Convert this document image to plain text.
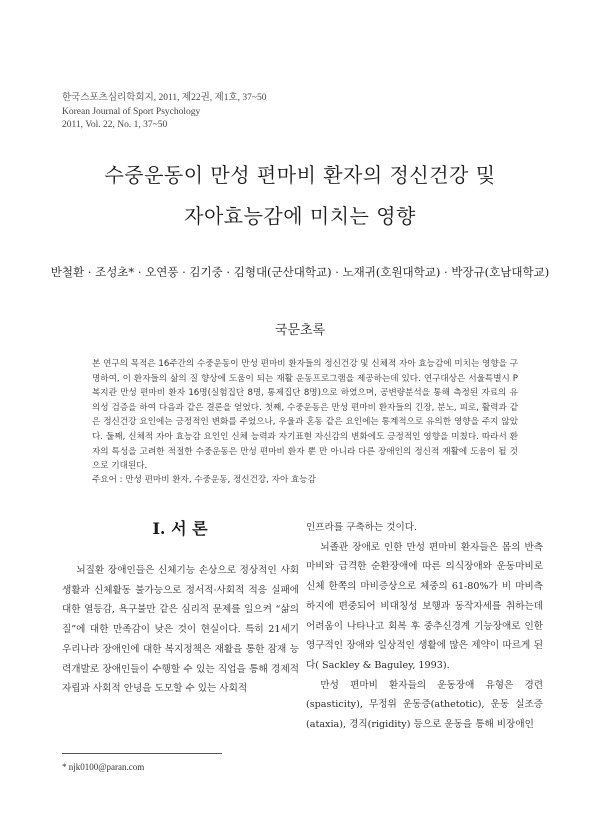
한국스포츠심리학회지, 2011, 제22권, 제1호, 37~50
Korean Journal of Sport Psychology
2011, Vol. 22, No. 1, 37~50
수중운동이 만성 편마비 환자의 정신건강 및
자아효능감에 미치는 영향
반철환 · 조성초* · 오연풍 · 김기중 · 김형대(군산대학교) · 노재귀(호원대학교) · 박장규(호남대학교)
국문초록
본 연구의 목적은 16주간의 수중운동이 만성 편마비 환자들의 정신건강 및 신체적 자아 효능감에 미치는 영향을 구명하여, 이 환자들의 삶의 질 향상에 도움이 되는 재활 운동프로그램을 제공하는데 있다. 연구대상은 서울특별시 P복지관 만성 편마비 환자 16명(실험집단 8명, 통제집단 8명)으로 하였으며, 공변량분석을 통해 측정된 자료의 유의성 검증을 하여 다음과 같은 결론을 얻었다. 첫째, 수중운동은 만성 편마비 환자들의 긴장, 분노, 피로, 활력과 같은 정신건강 요인에는 긍정적인 변화를 주었으나, 우울과 혼동 같은 요인에는 통계적으로 유의한 영향을 주지 않았다. 둘째, 신체적 자아 효능감 요인인 신체 능력과 자기표현 자신감의 변화에도 긍정적인 영향을 미쳤다. 따라서 환자의 특성을 고려한 적절한 수중운동은 만성 편마비 환자 뿐 만 아니라 다른 장애인의 정신적 재활에 도움이 될 것으로 기대된다.
주요어 : 만성 편마비 환자, 수중운동, 정신건강, 자아 효능감
I. 서 론

뇌질환 장애인들은 신체기능 손상으로 정상적인 사회생활과 신체활동 불가능으로 정서적·사회적 적응 실패에 대한 열등감, 욕구불만 같은 심리적 문제를 일으켜 “삶의 질”에 대한 만족감이 낮은 것이 현실이다. 특히 21세기 우리나라 장애인에 대한 복지정책은 재활을 통한 잠재 능력개발로 장애인들이 수행할 수 있는 직업을 통해 경제적 자립과 사회적 안녕을 도모할 수 있는 사회적

인프라를 구축하는 것이다.

뇌졸관 장애로 인한 만성 편마비 환자들은 몸의 반측 마비와 급격한 순환장애에 따른 의식장애와 운동마비로 신체 한쪽의 마비증상으로 체중의 61-80%가 비 마비측 하지에 편중되어 비대칭성 보행과 동작자세를 취하는데 어려움이 나타나고 회복 후 중추신경계 기능장애로 인한 영구적인 장애와 일상적인 생활에 많은 제약이 따르게 된다( Sackley & Baguley, 1993).

만성 편마비 환자들의 운동장애 유형은 경련(spasticity), 무정위 운동증(athetotic), 운동 실조증(ataxia), 경직(rigidity) 등으로 운동을 통해 비장애인

* njk0100@paran.com
